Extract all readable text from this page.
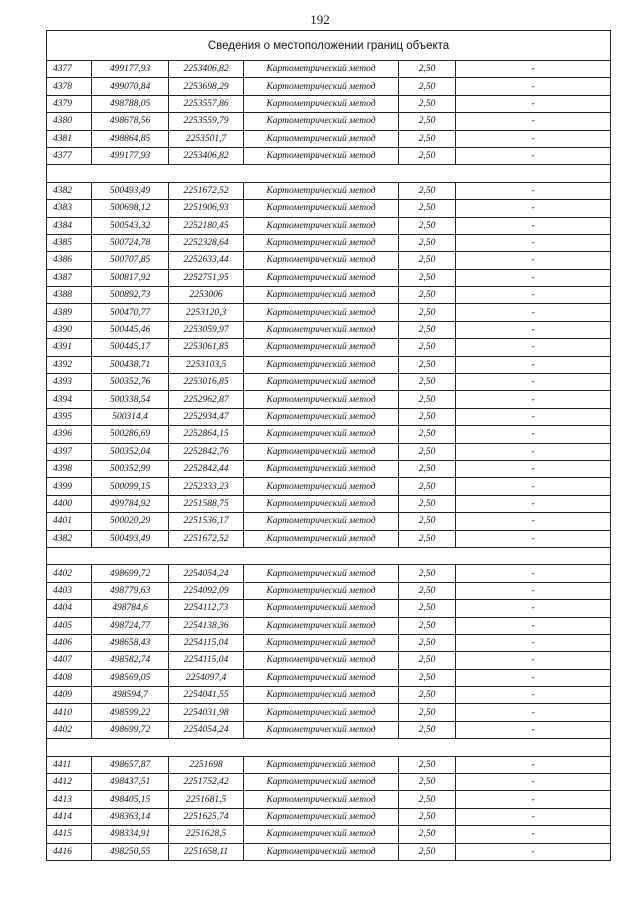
192
Сведения о местоположении границ объекта					
4377	499177,93	2253406,82	Картометрический метод	2,50	-
4378	499070,84	2253698,29	Картометрический метод	2,50	-
4379	498788,05	2253557,86	Картометрический метод	2,50	-
4380	498678,56	2253559,79	Картометрический метод	2,50	-
4381	498864,85	2253501,7	Картометрический метод	2,50	-
4377	499177,93	2253406,82	Картометрический метод	2,50	-

4382	500493,49	2251672,52	Картометрический метод	2,50	-
4383	500698,12	2251906,93	Картометрический метод	2,50	-
4384	500543,32	2252180,45	Картометрический метод	2,50	-
4385	500724,78	2252328,64	Картометрический метод	2,50	-
4386	500707,85	2252633,44	Картометрический метод	2,50	-
4387	500817,92	2252751,95	Картометрический метод	2,50	-
4388	500892,73	2253006	Картометрический метод	2,50	-
4389	500470,77	2253120,3	Картометрический метод	2,50	-
4390	500445,46	2253059,97	Картометрический метод	2,50	-
4391	500445,17	2253061,85	Картометрический метод	2,50	-
4392	500438,71	2253103,5	Картометрический метод	2,50	-
4393	500352,76	2253016,85	Картометрический метод	2,50	-
4394	500338,54	2252962,87	Картометрический метод	2,50	-
4395	500314,4	2252934,47	Картометрический метод	2,50	-
4396	500286,69	2252864,15	Картометрический метод	2,50	-
4397	500352,04	2252842,76	Картометрический метод	2,50	-
4398	500352,99	2252842,44	Картометрический метод	2,50	-
4399	500099,15	2252333,23	Картометрический метод	2,50	-
4400	499784,92	2251588,75	Картометрический метод	2,50	-
4401	500020,29	2251536,17	Картометрический метод	2,50	-
4382	500493,49	2251672,52	Картометрический метод	2,50	-

4402	498699,72	2254054,24	Картометрический метод	2,50	-
4403	498779,63	2254092,09	Картометрический метод	2,50	-
4404	498784,6	2254112,73	Картометрический метод	2,50	-
4405	498724,77	2254138,36	Картометрический метод	2,50	-
4406	498658,43	2254115,04	Картометрический метод	2,50	-
4407	498582,74	2254115,04	Картометрический метод	2,50	-
4408	498569,05	2254097,4	Картометрический метод	2,50	-
4409	498594,7	2254041,55	Картометрический метод	2,50	-
4410	498599,22	2254031,98	Картометрический метод	2,50	-
4402	498699,72	2254054,24	Картометрический метод	2,50	-

4411	498657,87	2251698	Картометрический метод	2,50	-
4412	498437,51	2251752,42	Картометрический метод	2,50	-
4413	498405,15	2251681,5	Картометрический метод	2,50	-
4414	498363,14	2251625,74	Картометрический метод	2,50	-
4415	498334,91	2251628,5	Картометрический метод	2,50	-
4416	498250,55	2251658,11	Картометрический метод	2,50	-
